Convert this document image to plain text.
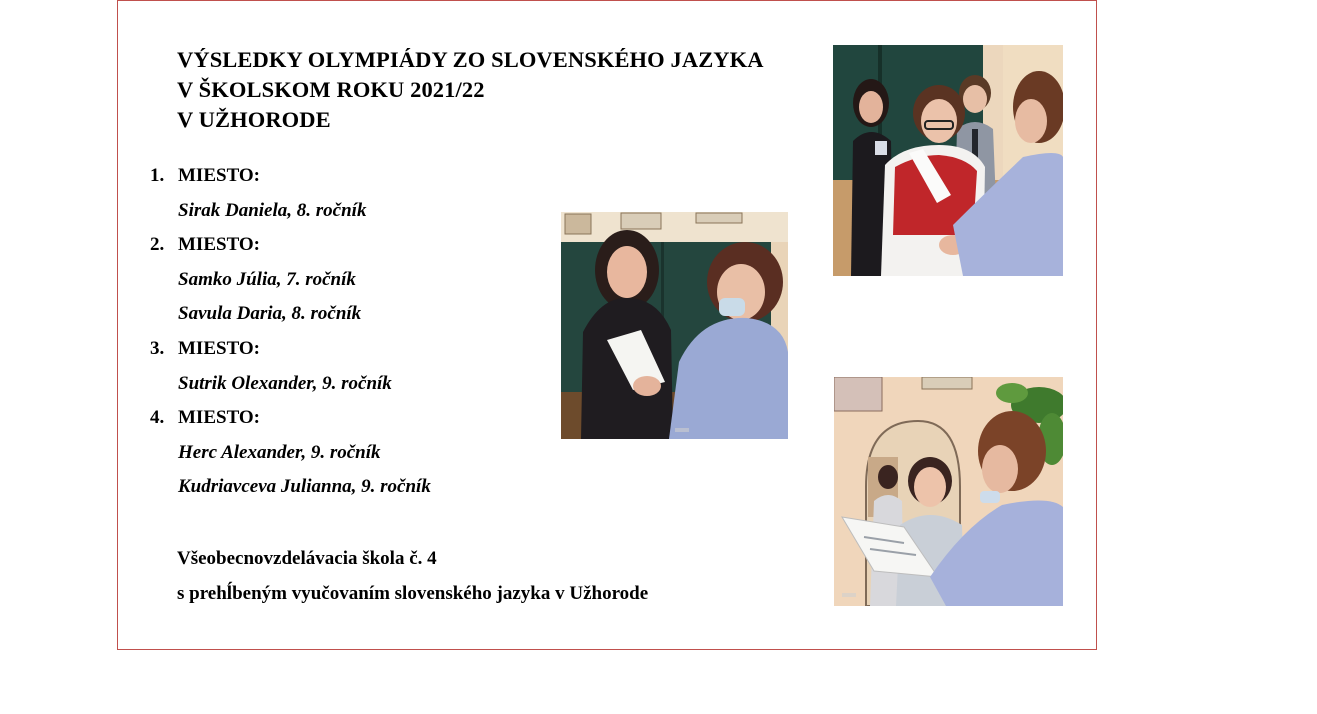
VÝSLEDKY OLYMPIÁDY ZO SLOVENSKÉHO JAZYKA
V ŠKOLSKOM ROKU 2021/22
V UŽHORODE
1. MIESTO:
Sirak Daniela, 8. ročník
2. MIESTO:
Samko Júlia, 7. ročník
Savula Daria, 8. ročník
3. MIESTO:
Sutrik Olexander, 9. ročník
4. MIESTO:
Herc Alexander, 9. ročník
Kudriavceva Julianna, 9. ročník
Všeobecnovzdelávacia škola č. 4
s prehĺbeným vyučovaním slovenského jazyka v Užhorode
